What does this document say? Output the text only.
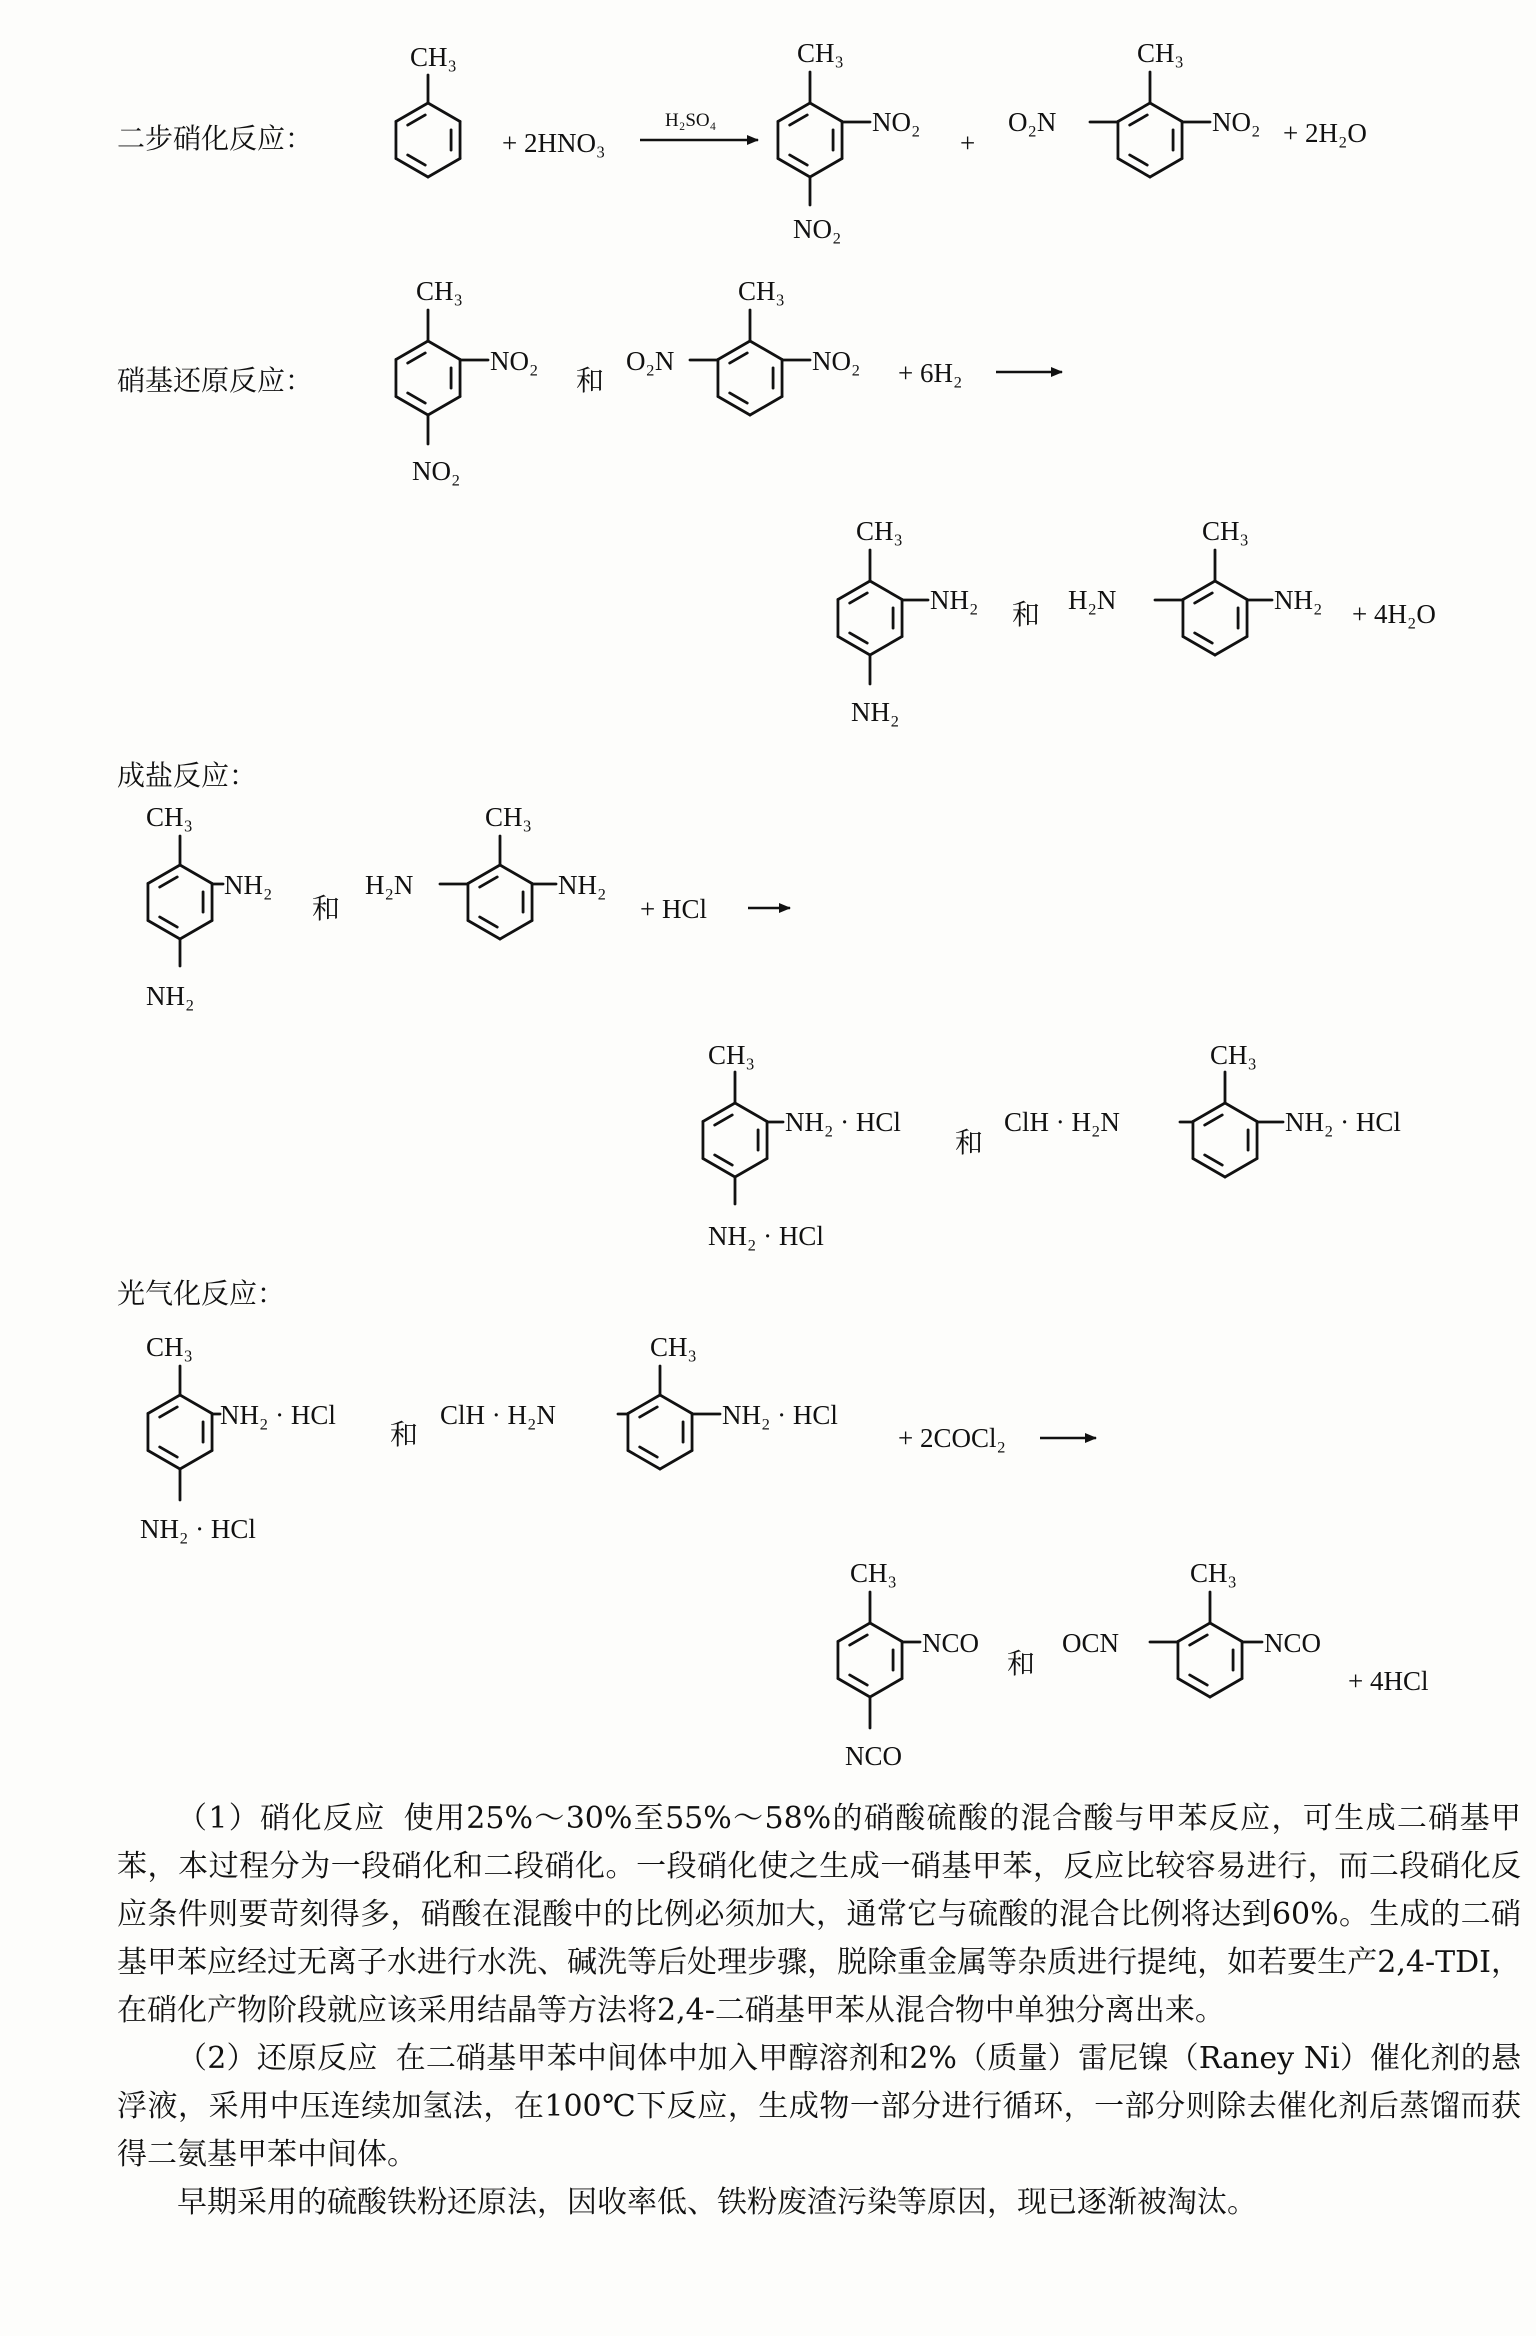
二步硝化反应：
CH₃
+ 2HNO₃
H₂SO₄
CH₃
NO₂
NO₂
+
CH₃
O₂N	NO₂ + 2H₂O
硝基还原反应：
CH₃
NO₂
NO₂
和
CH₃
O₂N	NO₂ + 6H₂
CH₃
NH₂
NH₂
和
CH₃
H₂N	NH₂ + 4H₂O
成盐反应：
CH₃
NH₂
NH₂
和
CH₃
H₂N	NH₂
+ HCl
CH₃
NH₂ · HCl
NH₂ · HCl
和
CH₃
ClH · H₂N	NH₂ · HCl
光气化反应：
CH₃
NH₂ · HCl
NH₂ · HCl
和
CH₃
ClH · H₂N	NH₂ · HCl
+ 2COCl₂
CH₃
NCO
NCO
和
CH₃
OCN	NCO
+ 4HCl

（1）硝化反应 使用25%～30%至55%～58%的硝酸硫酸的混合酸与甲苯反应，可生成二硝基甲苯，本过程分为一段硝化和二段硝化。一段硝化使之生成一硝基甲苯，反应比较容易进行，而二段硝化反应条件则要苛刻得多，硝酸在混酸中的比例必须加大，通常它与硫酸的混合比例将达到60%。生成的二硝基甲苯应经过无离子水进行水洗、碱洗等后处理步骤，脱除重金属等杂质进行提纯，如若要生产2,4-TDI，在硝化产物阶段就应该采用结晶等方法将2,4-二硝基甲苯从混合物中单独分离出来。

（2）还原反应 在二硝基甲苯中间体中加入甲醇溶剂和2%（质量）雷尼镍（Raney Ni）催化剂的悬浮液，采用中压连续加氢法，在100℃下反应，生成物一部分进行循环，一部分则除去催化剂后蒸馏而获得二氨基甲苯中间体。

早期采用的硫酸铁粉还原法，因收率低、铁粉废渣污染等原因，现已逐渐被淘汰。
